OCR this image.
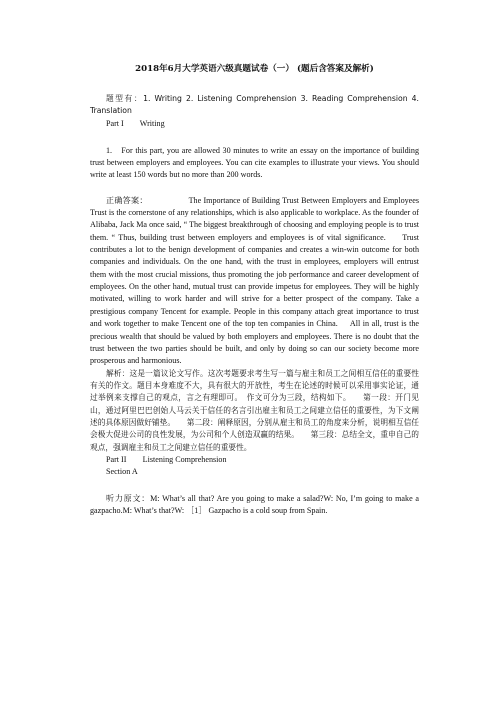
2018年6月大学英语六级真题试卷（一） (题后含答案及解析)

题型有：1. Writing 2. Listening Comprehension 3. Reading Comprehension 4. Translation

Part I        Writing

1.　For this part, you are allowed 30 minutes to write an essay on the importance of building trust between employers and employees. You can cite examples to illustrate your views. You should write at least 150 words but no more than 200 words.

正确答案：                  The Importance of Building Trust Between Employers and Employees      Trust is the cornerstone of any relationships, which is also applicable to workplace. As the founder of Alibaba, Jack Ma once said, “ The biggest breakthrough of choosing and employing people is to trust them. “ Thus, building trust between employers and employees is of vital significance.     Trust contributes a lot to the benign development of companies and creates a win-win outcome for both companies and individuals. On the one hand, with the trust in employees, employers will entrust them with the most crucial missions, thus promoting the job performance and career development of employees. On the other hand, mutual trust can provide impetus for employees. They will be highly motivated, willing to work harder and will strive for a better prospect of the company. Take a prestigious company Tencent for example. People in this company attach great importance to trust and work together to make Tencent one of the top ten companies in China.     All in all, trust is the precious wealth that should be valued by both employers and employees. There is no doubt that the trust between the two parties should be built, and only by doing so can our society become more prosperous and harmonious.

解析：这是一篇议论文写作。这次考题要求考生写一篇与雇主和员工之间相互信任的重要性有关的作文。题目本身难度不大，具有很大的开放性，考生在论述的时候可以采用事实论证，通过举例来支撑自己的观点，言之有理即可。　作文可分为三段，结构如下。　　第一段：开门见山，通过阿里巴巴创始人马云关于信任的名言引出雇主和员工之间建立信任的重要性，为下文阐述的具体原因做好铺垫。　　第二段：阐释原因，分别从雇主和员工的角度来分析，说明相互信任会极大促进公司的良性发展，为公司和个人创造双赢的结果。　　第三段：总结全文，重申自己的观点，强调雇主和员工之间建立信任的重要性。

Part II        Listening Comprehension

Section A

听力原文：M: What’s all that? Are you going to make a salad?W: No, I’m going to make a gazpacho.M: What’s that?W: ［1］ Gazpacho is a cold soup from Spain.
